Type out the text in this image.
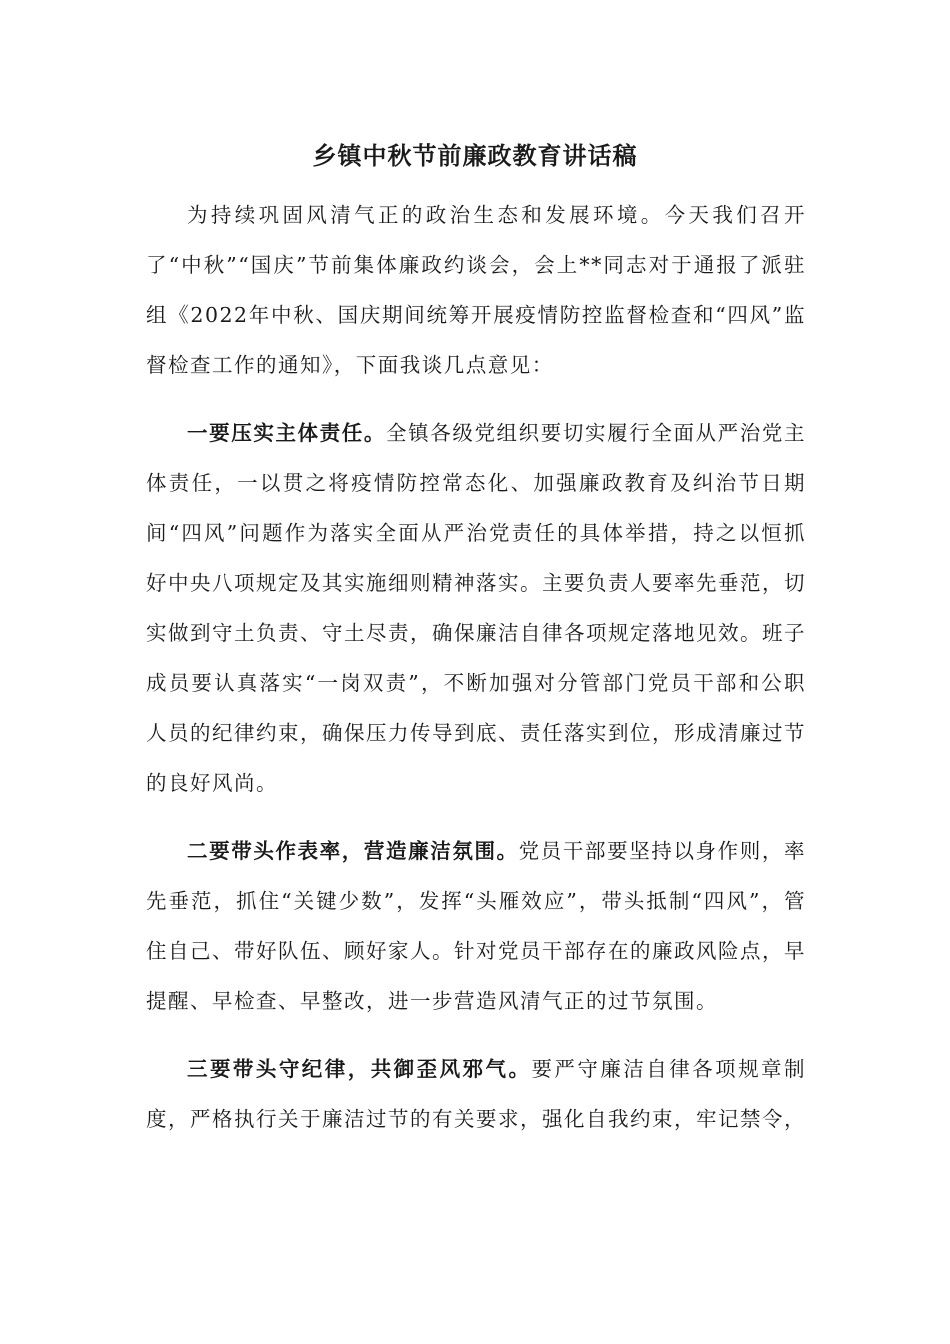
乡镇中秋节前廉政教育讲话稿

为持续巩固风清气正的政治生态和发展环境。今天我们召开了“中秋”“国庆”节前集体廉政约谈会，会上**同志对于通报了派驻组《2022年中秋、国庆期间统筹开展疫情防控监督检查和“四风”监督检查工作的通知》，下面我谈几点意见：

一要压实主体责任。全镇各级党组织要切实履行全面从严治党主体责任，一以贯之将疫情防控常态化、加强廉政教育及纠治节日期间“四风”问题作为落实全面从严治党责任的具体举措，持之以恒抓好中央八项规定及其实施细则精神落实。主要负责人要率先垂范，切实做到守土负责、守土尽责，确保廉洁自律各项规定落地见效。班子成员要认真落实“一岗双责”，不断加强对分管部门党员干部和公职人员的纪律约束，确保压力传导到底、责任落实到位，形成清廉过节的良好风尚。

二要带头作表率，营造廉洁氛围。党员干部要坚持以身作则，率先垂范，抓住“关键少数”，发挥“头雁效应”，带头抵制“四风”，管住自己、带好队伍、顾好家人。针对党员干部存在的廉政风险点，早提醒、早检查、早整改，进一步营造风清气正的过节氛围。

三要带头守纪律，共御歪风邪气。要严守廉洁自律各项规章制度，严格执行关于廉洁过节的有关要求，强化自我约束，牢记禁令，
